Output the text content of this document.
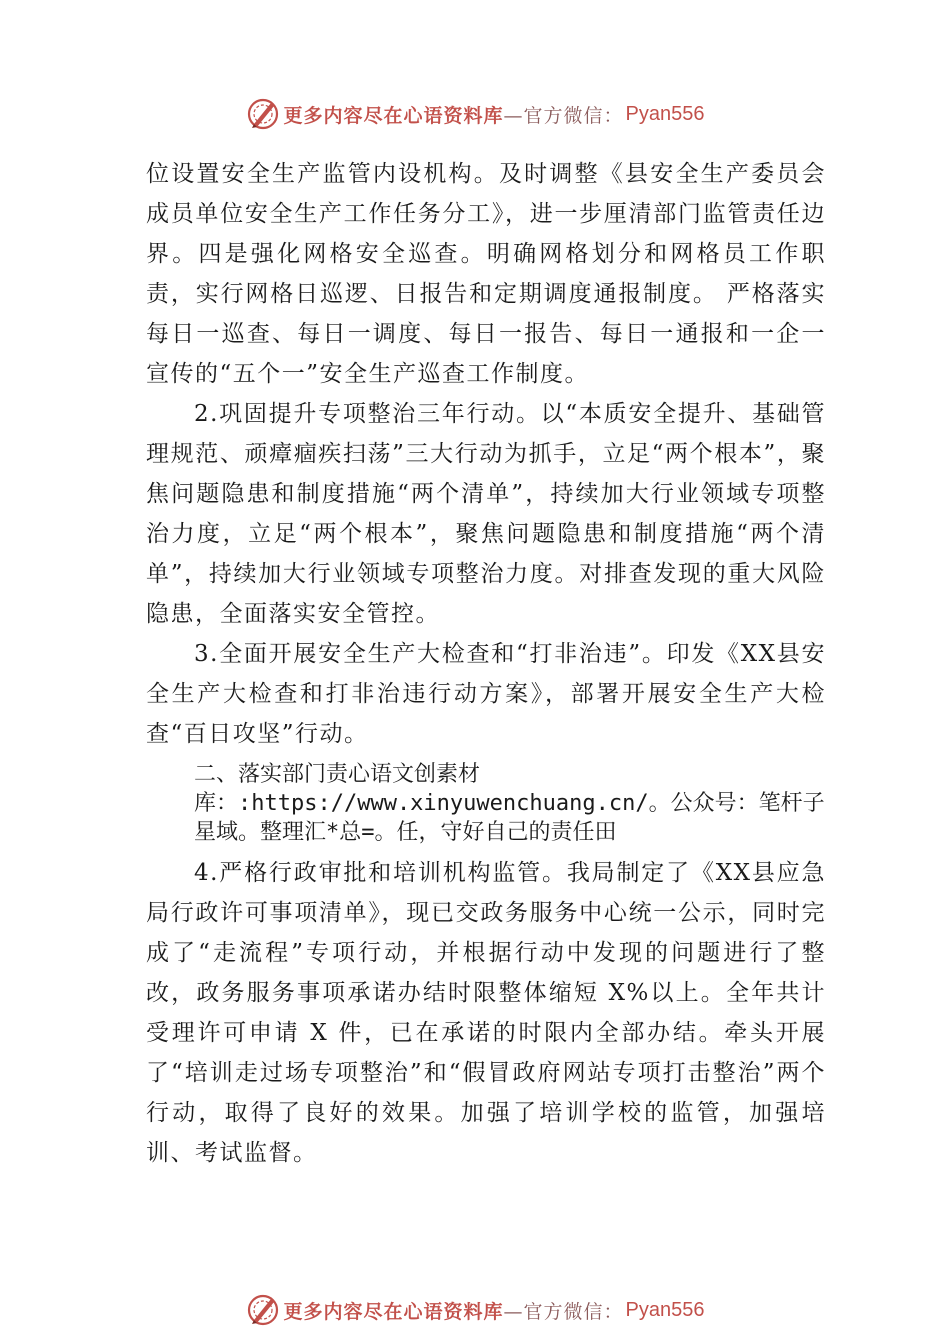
更多内容尽在心语资料库 —官方微信： Pyan556

位设置安全生产监管内设机构。及时调整《县安全生产委员会成员单位安全生产工作任务分工》，进一步厘清部门监管责任边界。四是强化网格安全巡查。明确网格划分和网格员工作职责，实行网格日巡逻、日报告和定期调度通报制度。 严格落实每日一巡查、每日一调度、每日一报告、每日一通报和一企一宣传的“五个一”安全生产巡查工作制度。

2.巩固提升专项整治三年行动。以“本质安全提升、基础管理规范、顽瘴痼疾扫荡”三大行动为抓手，立足“两个根本”，聚焦问题隐患和制度措施“两个清单”，持续加大行业领域专项整治力度，立足“两个根本”，聚焦问题隐患和制度措施“两个清单”，持续加大行业领域专项整治力度。对排查发现的重大风险隐患，全面落实安全管控。

3.全面开展安全生产大检查和“打非治违”。印发《XX县安全生产大检查和打非治违行动方案》，部署开展安全生产大检查“百日攻坚”行动。

二、落实部门责心语文创素材库：:https://www.xinyuwenchuang.cn/。公众号：笔杆子星域。整理汇*总=。任，守好自己的责任田

4.严格行政审批和培训机构监管。我局制定了《XX县应急局行政许可事项清单》，现已交政务服务中心统一公示，同时完成了“走流程”专项行动，并根据行动中发现的问题进行了整改，政务服务事项承诺办结时限整体缩短 X%以上。全年共计受理许可申请 X 件，已在承诺的时限内全部办结。牵头开展了“培训走过场专项整治”和“假冒政府网站专项打击整治”两个行动，取得了良好的效果。加强了培训学校的监管，加强培训、考试监督。

更多内容尽在心语资料库 —官方微信： Pyan556
